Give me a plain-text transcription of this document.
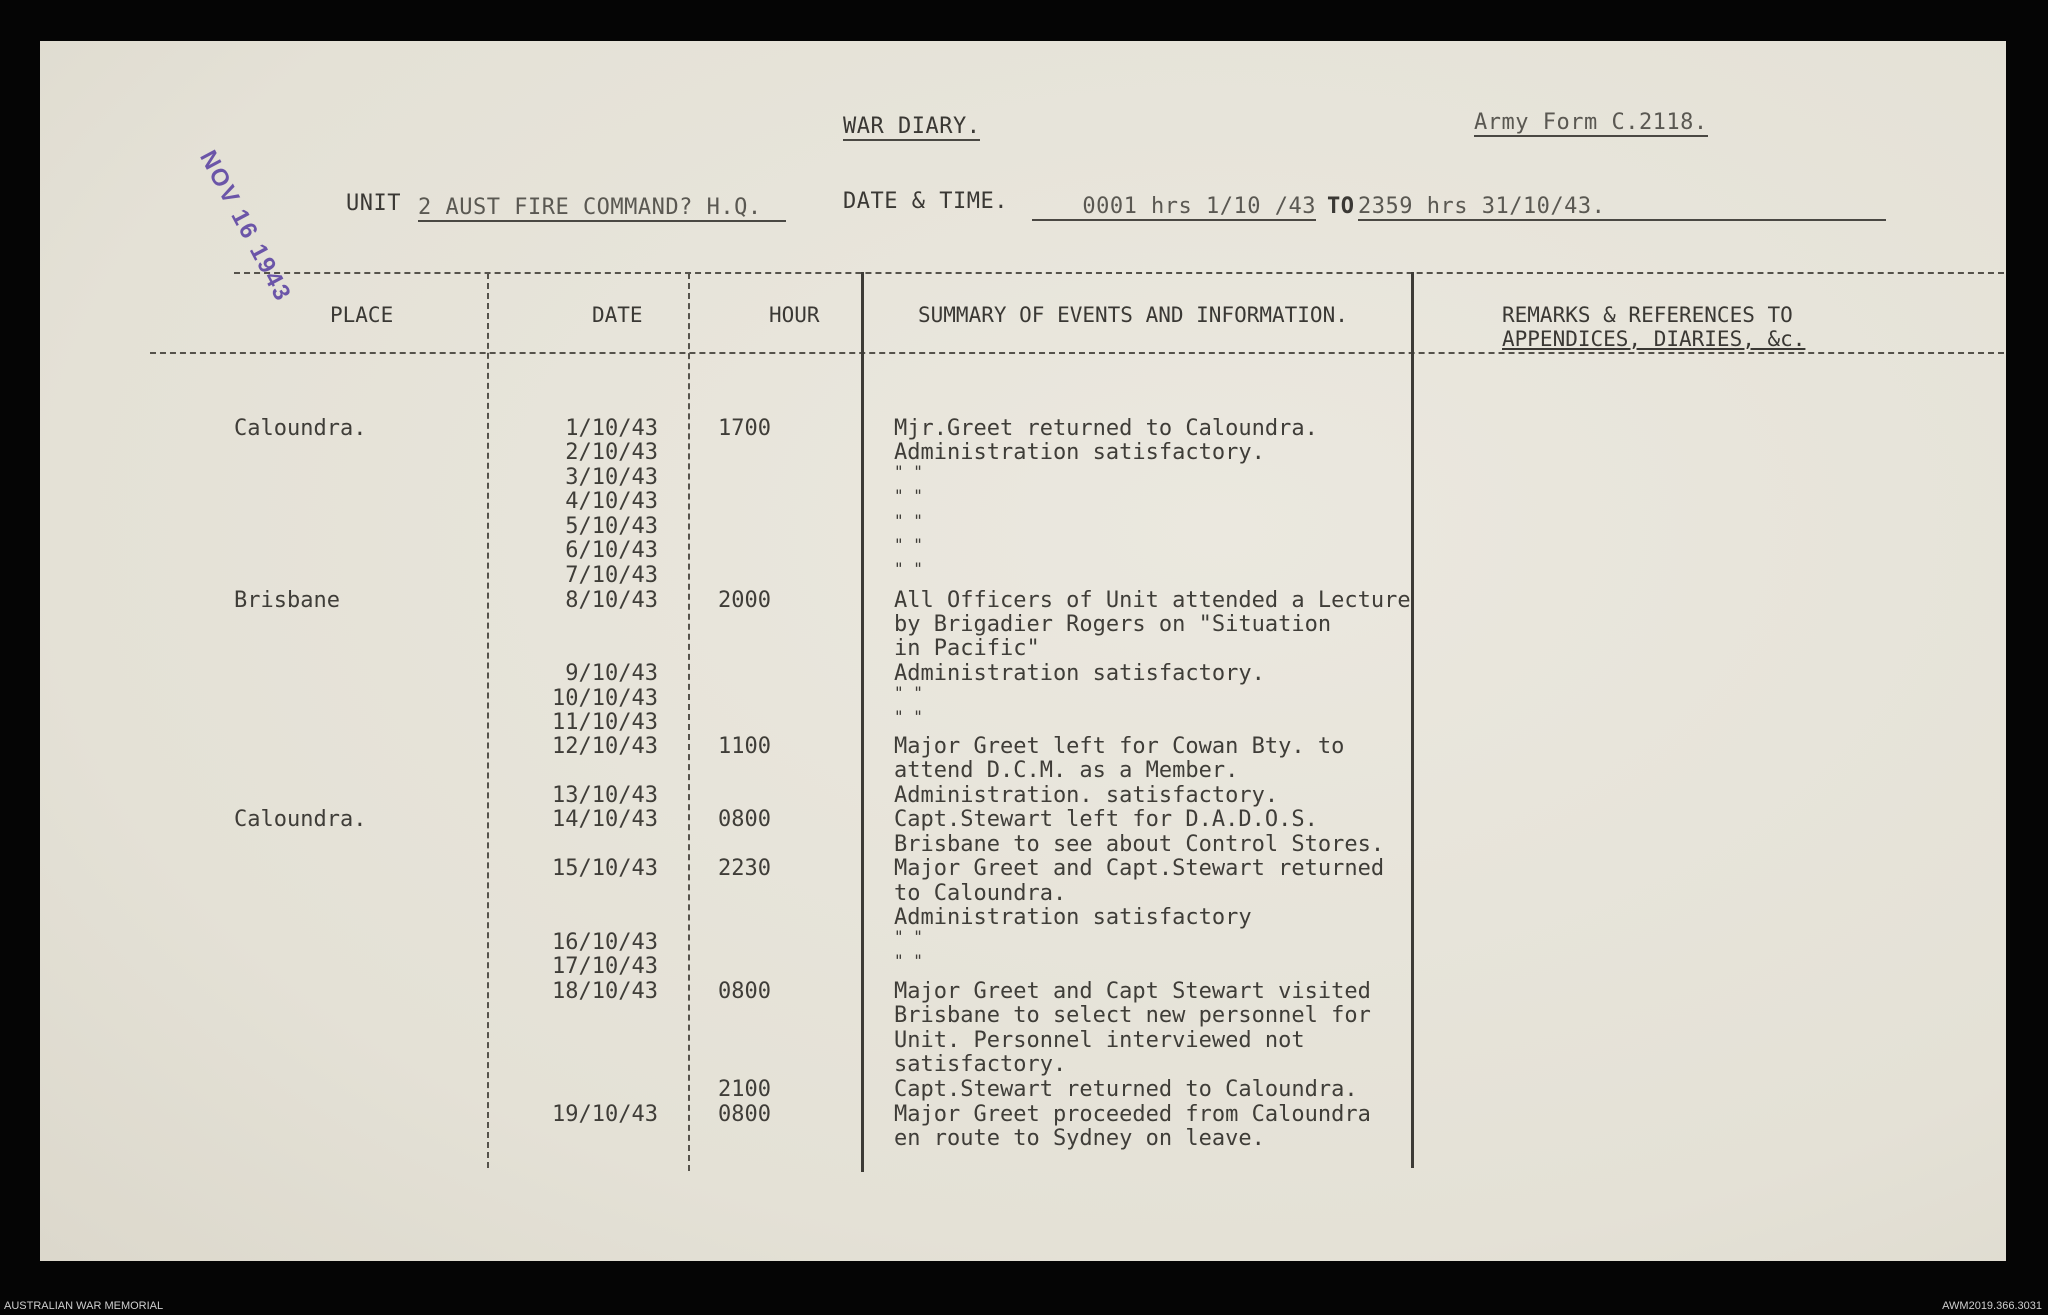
NOV 16 1943
WAR DIARY.	Army Form C.2118.
UNIT 2 AUST FIRE COMMAND? H.Q.	DATE & TIME.	0001 hrs 1/10 /43 TO 2359 hrs 31/10/43.
PLACE	DATE	HOUR	SUMMARY OF EVENTS AND INFORMATION.	REMARKS & REFERENCES TO
APPENDICES, DIARIES, &c.
Caloundra.	1/10/43	1700	Mjr.Greet returned to Caloundra.
2/10/43	Administration satisfactory.
3/10/43	" "
4/10/43	" "
5/10/43	" "
6/10/43	" "
7/10/43	" "
Brisbane	8/10/43	2000	All Officers of Unit attended a Lecture
by Brigadier Rogers on "Situation
in Pacific"
9/10/43	Administration satisfactory.
10/10/43	" "
11/10/43	" "
12/10/43	1100	Major Greet left for Cowan Bty. to
attend D.C.M. as a Member.
13/10/43	Administration. satisfactory.
Caloundra.	14/10/43	0800	Capt.Stewart left for D.A.D.O.S.
Brisbane to see about Control Stores.
15/10/43	2230	Major Greet and Capt.Stewart returned
to Caloundra.
Administration satisfactory
16/10/43	" "
17/10/43	" "
18/10/43	0800	Major Greet and Capt Stewart visited
Brisbane to select new personnel for
Unit. Personnel interviewed not
satisfactory.
2100	Capt.Stewart returned to Caloundra.
19/10/43	0800	Major Greet proceeded from Caloundra
en route to Sydney on leave.
AUSTRALIAN WAR MEMORIAL	AWM2019.366.3031
